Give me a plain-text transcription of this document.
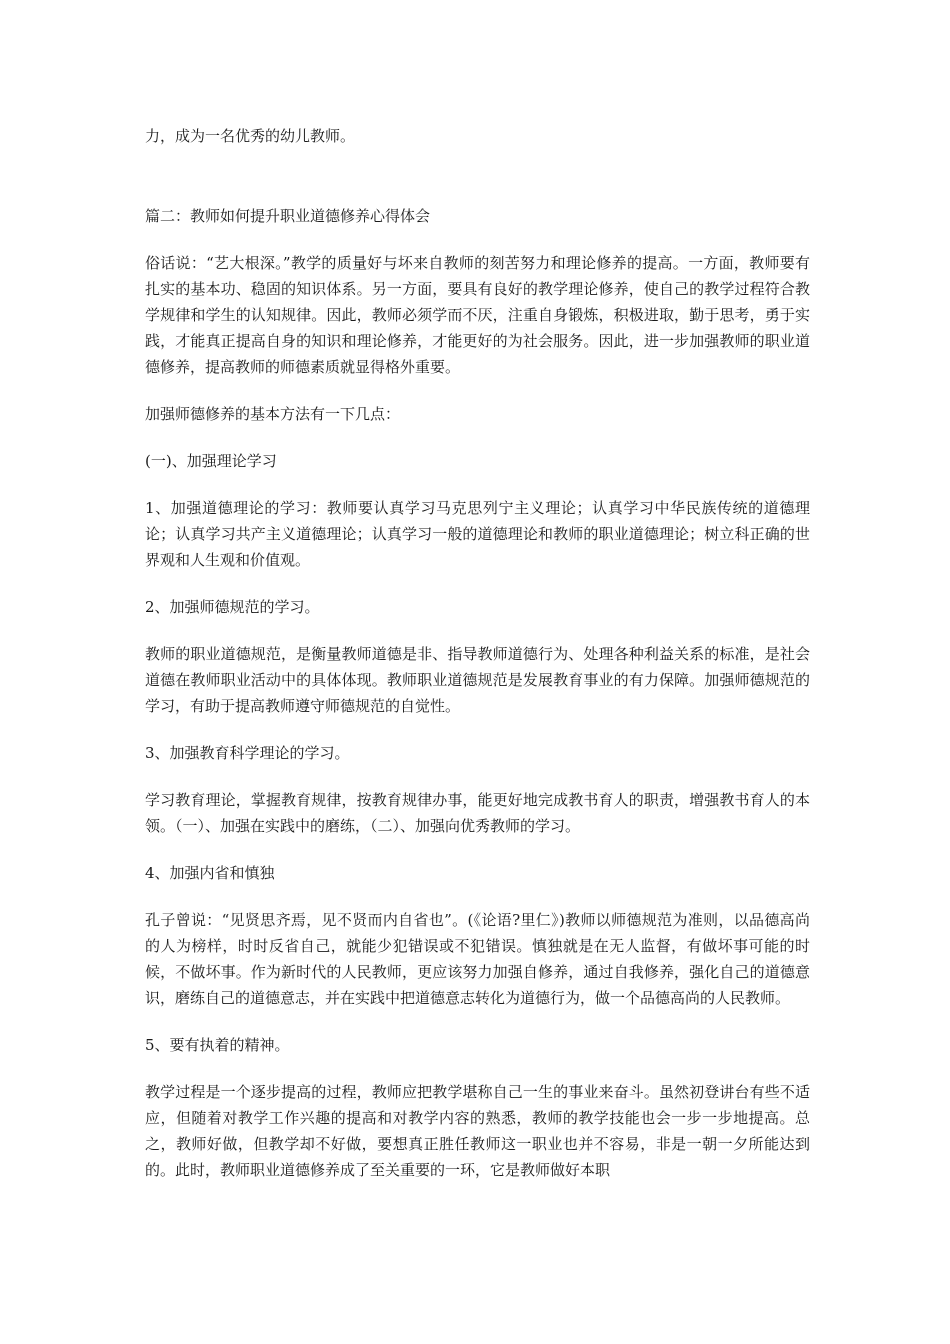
力，成为一名优秀的幼儿教师。

篇二：教师如何提升职业道德修养心得体会

俗话说：“艺大根深。”教学的质量好与坏来自教师的刻苦努力和理论修养的提高。一方面，教师要有扎实的基本功、稳固的知识体系。另一方面，要具有良好的教学理论修养，使自己的教学过程符合教学规律和学生的认知规律。因此，教师必须学而不厌，注重自身锻炼，积极进取，勤于思考，勇于实践，才能真正提高自身的知识和理论修养，才能更好的为社会服务。因此，进一步加强教师的职业道德修养，提高教师的师德素质就显得格外重要。

加强师德修养的基本方法有一下几点：

(一)、加强理论学习

1、加强道德理论的学习：教师要认真学习马克思列宁主义理论；认真学习中华民族传统的道德理论；认真学习共产主义道德理论；认真学习一般的道德理论和教师的职业道德理论；树立科正确的世界观和人生观和价值观。

2、加强师德规范的学习。

教师的职业道德规范，是衡量教师道德是非、指导教师道德行为、处理各种利益关系的标准，是社会道德在教师职业活动中的具体体现。教师职业道德规范是发展教育事业的有力保障。加强师德规范的学习，有助于提高教师遵守师德规范的自觉性。

3、加强教育科学理论的学习。

学习教育理论，掌握教育规律，按教育规律办事，能更好地完成教书育人的职责，增强教书育人的本领。（一）、加强在实践中的磨练，（二）、加强向优秀教师的学习。

4、加强内省和慎独

孔子曾说：“见贤思齐焉，见不贤而内自省也”。(《论语?里仁》)教师以师德规范为准则，以品德高尚的人为榜样，时时反省自己，就能少犯错误或不犯错误。慎独就是在无人监督，有做坏事可能的时候，不做坏事。作为新时代的人民教师，更应该努力加强自修养，通过自我修养，强化自己的道德意识，磨练自己的道德意志，并在实践中把道德意志转化为道德行为，做一个品德高尚的人民教师。

5、要有执着的精神。

教学过程是一个逐步提高的过程，教师应把教学堪称自己一生的事业来奋斗。虽然初登讲台有些不适应，但随着对教学工作兴趣的提高和对教学内容的熟悉，教师的教学技能也会一步一步地提高。总之，教师好做，但教学却不好做，要想真正胜任教师这一职业也并不容易，非是一朝一夕所能达到的。此时，教师职业道德修养成了至关重要的一环，它是教师做好本职
